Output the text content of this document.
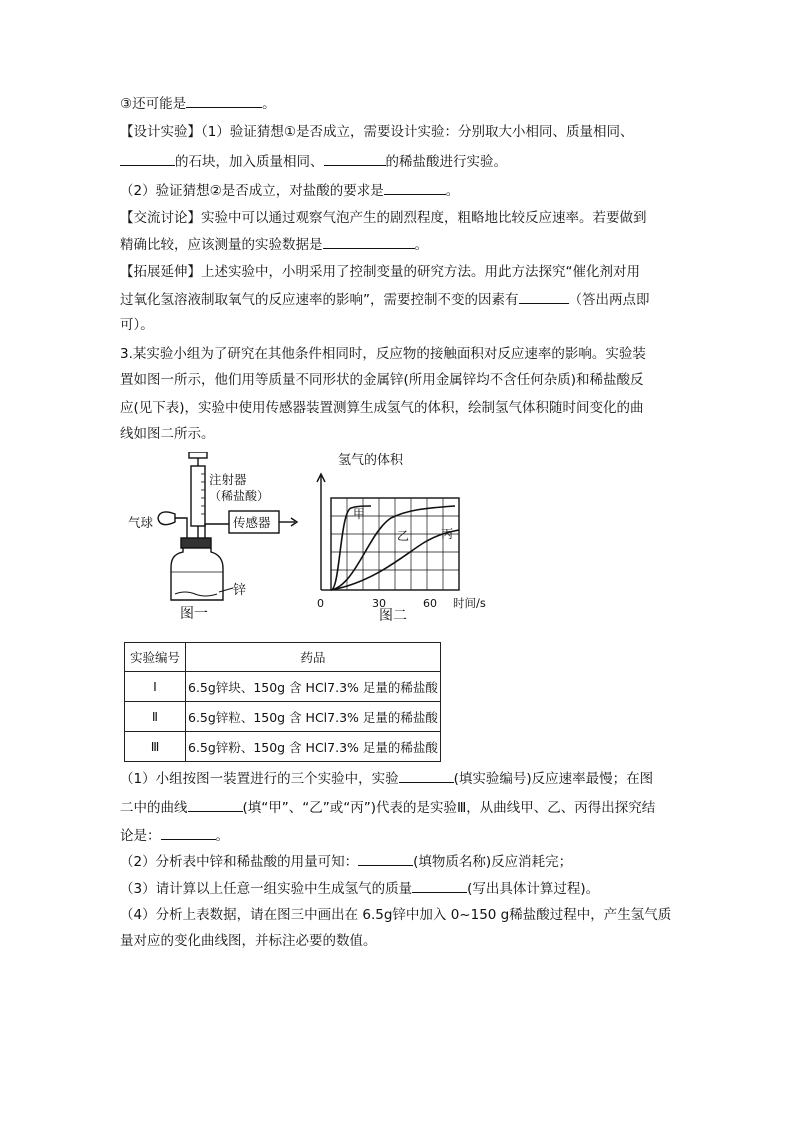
③还可能是	。
【设计实验】（1）验证猜想①是否成立，需要设计实验：分别取大小相同、质量相同、
的石块，加入质量相同、	的稀盐酸进行实验。
（2）验证猜想②是否成立，对盐酸的要求是	。
【交流讨论】实验中可以通过观察气泡产生的剧烈程度，粗略地比较反应速率。若要做到
精确比较，应该测量的实验数据是	。
【拓展延伸】上述实验中，小明采用了控制变量的研究方法。用此方法探究“催化剂对用
过氧化氢溶液制取氧气的反应速率的影响”，需要控制不变的因素有	（答出两点即
可）。
3.某实验小组为了研究在其他条件相同时，反应物的接触面积对反应速率的影响。实验装
置如图一所示，他们用等质量不同形状的金属锌(所用金属锌均不含任何杂质)和稀盐酸反
应(见下表)，实验中使用传感器装置测算生成氢气的体积，绘制氢气体积随时间变化的曲
线如图二所示。
注射器
（稀盐酸）
传感器
气球
锌
图一
氢气的体积
甲
乙	丙
0	30	60 时间/s
图二
实验编号	药品
Ⅰ	6.5g锌块、150g 含 HCl7.3% 足量的稀盐酸
Ⅱ	6.5g锌粒、150g 含 HCl7.3% 足量的稀盐酸
Ⅲ	6.5g锌粉、150g 含 HCl7.3% 足量的稀盐酸
（1）小组按图一装置进行的三个实验中，实验	(填实验编号)反应速率最慢；在图
二中的曲线	(填“甲”、“乙”或“丙”)代表的是实验Ⅲ，从曲线甲、乙、丙得出探究结
论是：	。
（2）分析表中锌和稀盐酸的用量可知：	(填物质名称)反应消耗完；
（3）请计算以上任意一组实验中生成氢气的质量	(写出具体计算过程)。
（4）分析上表数据，请在图三中画出在 6.5g锌中加入 0~150 g稀盐酸过程中，产生氢气质
量对应的变化曲线图，并标注必要的数值。
